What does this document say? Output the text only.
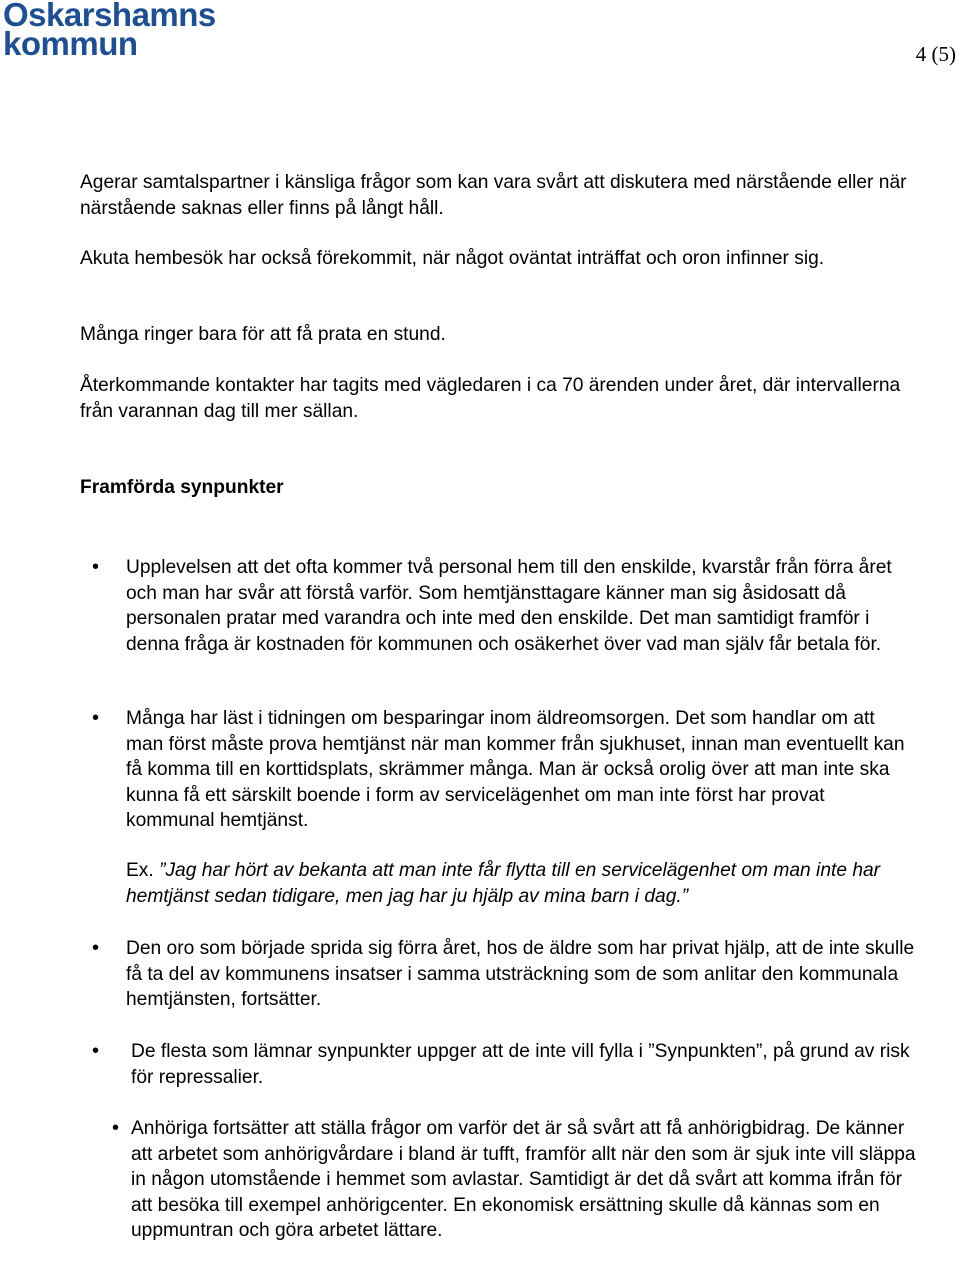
Oskarshamns
kommun	4 (5)
Agerar samtalspartner i känsliga frågor som kan vara svårt att diskutera med närstående eller när närstående saknas eller finns på långt håll.
Akuta hembesök har också förekommit, när något oväntat inträffat och oron infinner sig.
Många ringer bara för att få prata en stund.
Återkommande kontakter har tagits med vägledaren i ca 70 ärenden under året, där intervallerna från varannan dag till mer sällan.
Framförda synpunkter
• Upplevelsen att det ofta kommer två personal hem till den enskilde, kvarstår från förra året och man har svår att förstå varför. Som hemtjänsttagare känner man sig åsidosatt då personalen pratar med varandra och inte med den enskilde. Det man samtidigt framför i denna fråga är kostnaden för kommunen och osäkerhet över vad man själv får betala för.
• Många har läst i tidningen om besparingar inom äldreomsorgen. Det som handlar om att man först måste prova hemtjänst när man kommer från sjukhuset, innan man eventuellt kan få komma till en korttidsplats, skrämmer många. Man är också orolig över att man inte ska kunna få ett särskilt boende i form av servicelägenhet om man inte först har provat kommunal hemtjänst.
Ex. ”Jag har hört av bekanta att man inte får flytta till en servicelägenhet om man inte har hemtjänst sedan tidigare, men jag har ju hjälp av mina barn i dag.”
• Den oro som började sprida sig förra året, hos de äldre som har privat hjälp, att de inte skulle få ta del av kommunens insatser i samma utsträckning som de som anlitar den kommunala hemtjänsten, fortsätter.
• De flesta som lämnar synpunkter uppger att de inte vill fylla i ”Synpunkten”, på grund av risk för repressalier.
• Anhöriga fortsätter att ställa frågor om varför det är så svårt att få anhörigbidrag. De känner att arbetet som anhörigvårdare i bland är tufft, framför allt när den som är sjuk inte vill släppa in någon utomstående i hemmet som avlastar. Samtidigt är det då svårt att komma ifrån för att besöka till exempel anhörigcenter. En ekonomisk ersättning skulle då kännas som en uppmuntran och göra arbetet lättare.
